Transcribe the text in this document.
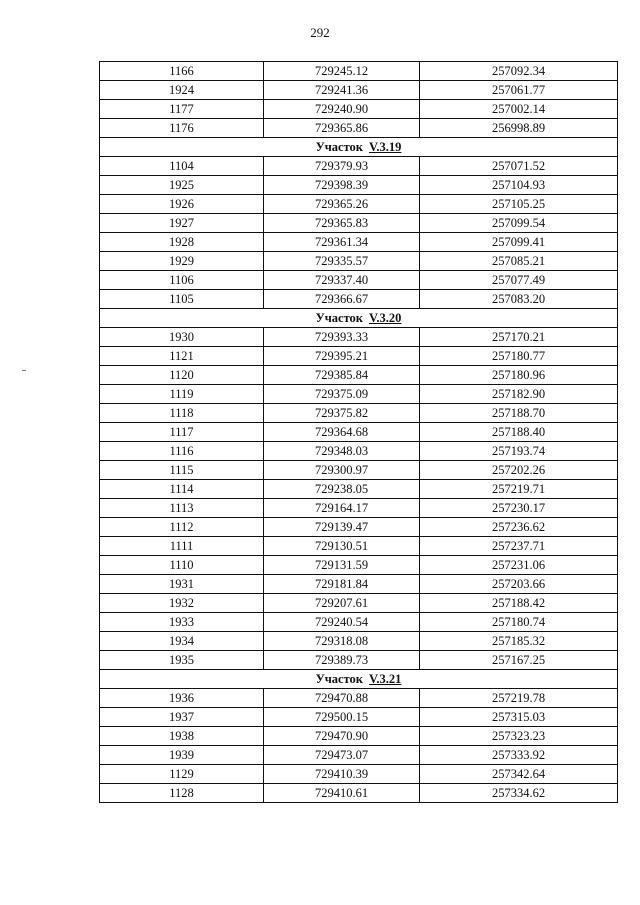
292
1166	729245.12	257092.34
1924	729241.36	257061.77
1177	729240.90	257002.14
1176	729365.86	256998.89
Участок V.3.19		
1104	729379.93	257071.52
1925	729398.39	257104.93
1926	729365.26	257105.25
1927	729365.83	257099.54
1928	729361.34	257099.41
1929	729335.57	257085.21
1106	729337.40	257077.49
1105	729366.67	257083.20
Участок V.3.20		
1930	729393.33	257170.21
1121	729395.21	257180.77
1120	729385.84	257180.96
1119	729375.09	257182.90
1118	729375.82	257188.70
1117	729364.68	257188.40
1116	729348.03	257193.74
1115	729300.97	257202.26
1114	729238.05	257219.71
1113	729164.17	257230.17
1112	729139.47	257236.62
1111	729130.51	257237.71
1110	729131.59	257231.06
1931	729181.84	257203.66
1932	729207.61	257188.42
1933	729240.54	257180.74
1934	729318.08	257185.32
1935	729389.73	257167.25
Участок V.3.21		
1936	729470.88	257219.78
1937	729500.15	257315.03
1938	729470.90	257323.23
1939	729473.07	257333.92
1129	729410.39	257342.64
1128	729410.61	257334.62
